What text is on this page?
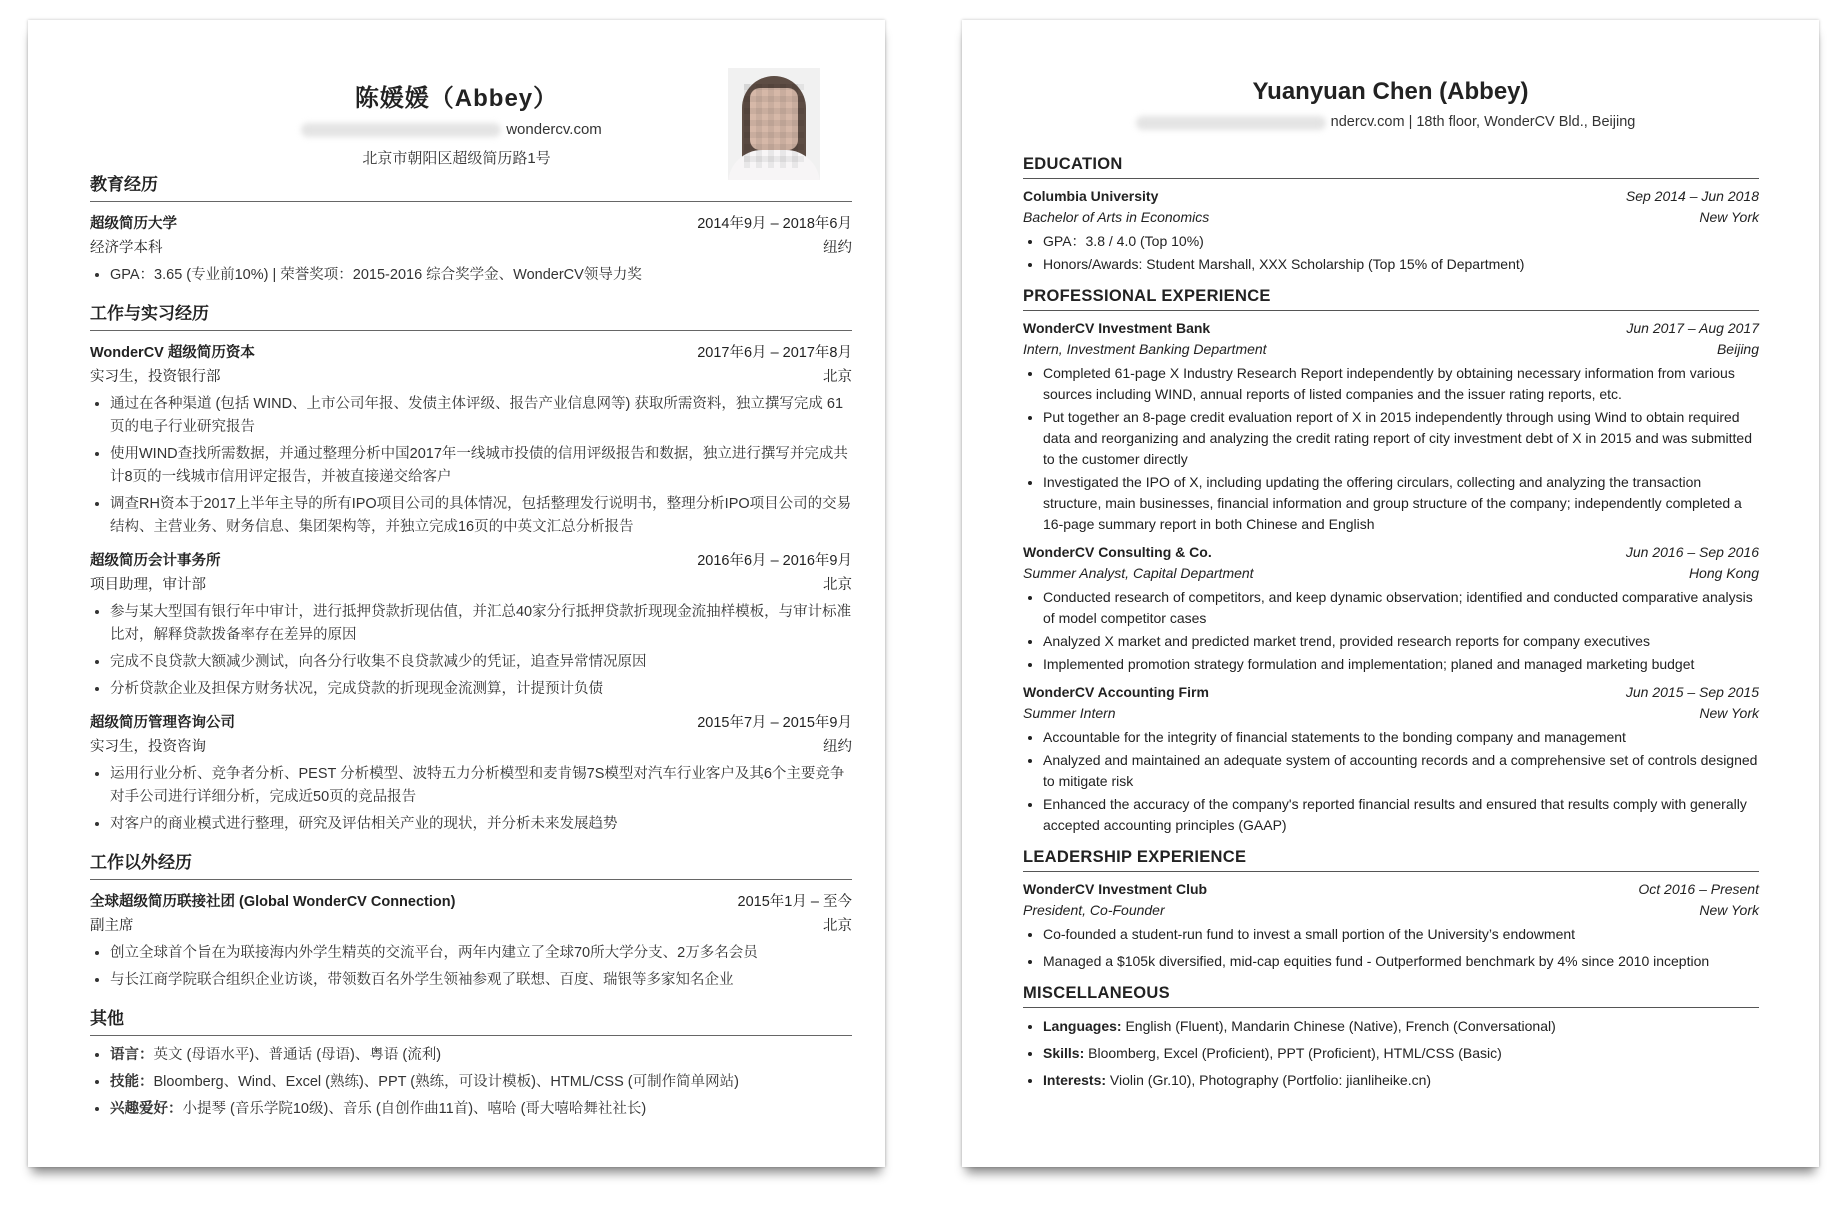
陈媛媛（Abbey）
wondercv.com
北京市朝阳区超级简历路1号
教育经历
超级简历大学	2014年9月 – 2018年6月
经济学本科	纽约
• GPA：3.65 (专业前10%) | 荣誉奖项：2015-2016 综合奖学金、WonderCV领导力奖
工作与实习经历
WonderCV 超级简历资本	2017年6月 – 2017年8月
实习生，投资银行部	北京
• 通过在各种渠道 (包括 WIND、上市公司年报、发债主体评级、报告产业信息网等) 获取所需资料，独立撰写完成 61 页的电子行业研究报告
• 使用WIND查找所需数据，并通过整理分析中国2017年一线城市投债的信用评级报告和数据，独立进行撰写并完成共计8页的一线城市信用评定报告，并被直接递交给客户
• 调查RH资本于2017上半年主导的所有IPO项目公司的具体情况，包括整理发行说明书，整理分析IPO项目公司的交易结构、主营业务、财务信息、集团架构等，并独立完成16页的中英文汇总分析报告
超级简历会计事务所	2016年6月 – 2016年9月
项目助理，审计部	北京
• 参与某大型国有银行年中审计，进行抵押贷款折现估值，并汇总40家分行抵押贷款折现现金流抽样模板，与审计标准比对，解释贷款拨备率存在差异的原因
• 完成不良贷款大额减少测试，向各分行收集不良贷款减少的凭证，追查异常情况原因
• 分析贷款企业及担保方财务状况，完成贷款的折现现金流测算，计提预计负债
超级简历管理咨询公司	2015年7月 – 2015年9月
实习生，投资咨询	纽约
• 运用行业分析、竞争者分析、PEST 分析模型、波特五力分析模型和麦肯锡7S模型对汽车行业客户及其6个主要竞争对手公司进行详细分析，完成近50页的竞品报告
• 对客户的商业模式进行整理，研究及评估相关产业的现状，并分析未来发展趋势
工作以外经历
全球超级简历联接社团 (Global WonderCV Connection)	2015年1月 – 至今
副主席	北京
• 创立全球首个旨在为联接海内外学生精英的交流平台，两年内建立了全球70所大学分支、2万多名会员
• 与长江商学院联合组织企业访谈，带领数百名外学生领袖参观了联想、百度、瑞银等多家知名企业
其他
• 语言：英文 (母语水平)、普通话 (母语)、粤语 (流利)
• 技能：Bloomberg、Wind、Excel (熟练)、PPT (熟练，可设计模板)、HTML/CSS (可制作简单网站)
• 兴趣爱好：小提琴 (音乐学院10级)、音乐 (自创作曲11首)、嘻哈 (哥大嘻哈舞社社长)
Yuanyuan Chen (Abbey)
ndercv.com | 18th floor, WonderCV Bld., Beijing
EDUCATION
Columbia University	Sep 2014 – Jun 2018
Bachelor of Arts in Economics	New York
• GPA：3.8 / 4.0 (Top 10%)
• Honors/Awards: Student Marshall, XXX Scholarship (Top 15% of Department)
PROFESSIONAL EXPERIENCE
WonderCV Investment Bank	Jun 2017 – Aug 2017
Intern, Investment Banking Department	Beijing
• Completed 61-page X Industry Research Report independently by obtaining necessary information from various sources including WIND, annual reports of listed companies and the issuer rating reports, etc.
• Put together an 8-page credit evaluation report of X in 2015 independently through using Wind to obtain required data and reorganizing and analyzing the credit rating report of city investment debt of X in 2015 and was submitted to the customer directly
• Investigated the IPO of X, including updating the offering circulars, collecting and analyzing the transaction structure, main businesses, financial information and group structure of the company; independently completed a 16-page summary report in both Chinese and English
WonderCV Consulting & Co.	Jun 2016 – Sep 2016
Summer Analyst, Capital Department	Hong Kong
• Conducted research of competitors, and keep dynamic observation; identified and conducted comparative analysis of model competitor cases
• Analyzed X market and predicted market trend, provided research reports for company executives
• Implemented promotion strategy formulation and implementation; planed and managed marketing budget
WonderCV Accounting Firm	Jun 2015 – Sep 2015
Summer Intern	New York
• Accountable for the integrity of financial statements to the bonding company and management
• Analyzed and maintained an adequate system of accounting records and a comprehensive set of controls designed to mitigate risk
• Enhanced the accuracy of the company's reported financial results and ensured that results comply with generally accepted accounting principles (GAAP)
LEADERSHIP EXPERIENCE
WonderCV Investment Club	Oct 2016 – Present
President, Co-Founder	New York
• Co-founded a student-run fund to invest a small portion of the University’s endowment
• Managed a $105k diversified, mid-cap equities fund - Outperformed benchmark by 4% since 2010 inception
MISCELLANEOUS
• Languages: English (Fluent), Mandarin Chinese (Native), French (Conversational)
• Skills: Bloomberg, Excel (Proficient), PPT (Proficient), HTML/CSS (Basic)
• Interests: Violin (Gr.10), Photography (Portfolio: jianliheike.cn)
